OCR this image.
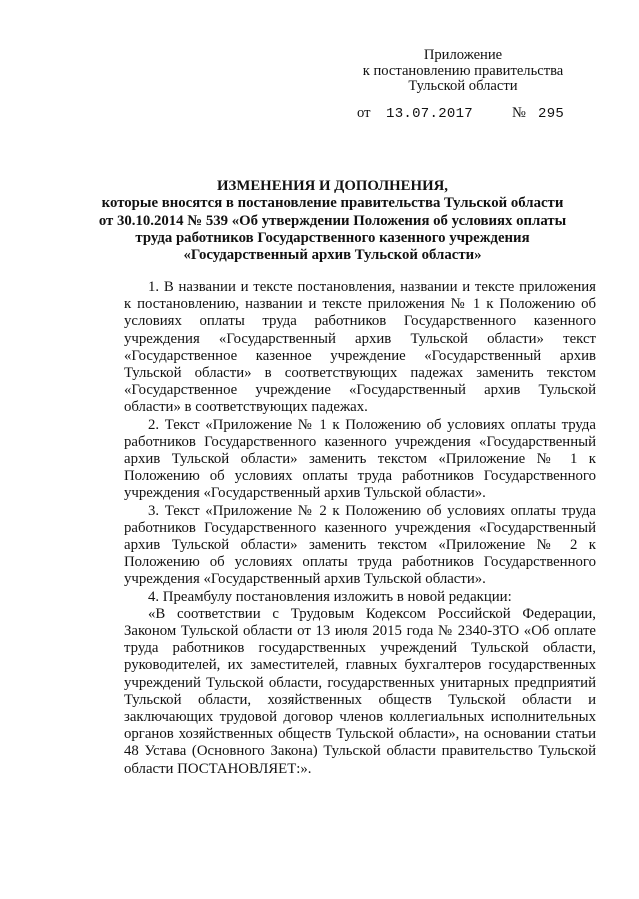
Приложение
к постановлению правительства
Тульской области
от 13.07.2017	№ 295
ИЗМЕНЕНИЯ И ДОПОЛНЕНИЯ,
которые вносятся в постановление правительства Тульской области
от 30.10.2014 № 539 «Об утверждении Положения об условиях оплаты
труда работников Государственного казенного учреждения
«Государственный архив Тульской области»

1. В названии и тексте постановления, названии и тексте приложения к постановлению, названии и тексте приложения № 1 к Положению об условиях оплаты труда работников Государственного казенного учреждения «Государственный архив Тульской области» текст «Государственное казенное учреждение «Государственный архив Тульской области» в соответствующих падежах заменить текстом «Государственное учреждение «Государственный архив Тульской области» в соответствующих падежах.

2. Текст «Приложение № 1 к Положению об условиях оплаты труда работников Государственного казенного учреждения «Государственный архив Тульской области» заменить текстом «Приложение № 1 к Положению об условиях оплаты труда работников Государственного учреждения «Государственный архив Тульской области».

3. Текст «Приложение № 2 к Положению об условиях оплаты труда работников Государственного казенного учреждения «Государственный архив Тульской области» заменить текстом «Приложение № 2 к Положению об условиях оплаты труда работников Государственного учреждения «Государственный архив Тульской области».

4. Преамбулу постановления изложить в новой редакции:

«В соответствии с Трудовым Кодексом Российской Федерации, Законом Тульской области от 13 июля 2015 года № 2340-ЗТО «Об оплате труда работников государственных учреждений Тульской области, руководителей, их заместителей, главных бухгалтеров государственных учреждений Тульской области, государственных унитарных предприятий Тульской области, хозяйственных обществ Тульской области и заключающих трудовой договор членов коллегиальных исполнительных органов хозяйственных обществ Тульской области», на основании статьи 48 Устава (Основного Закона) Тульской области правительство Тульской области ПОСТАНОВЛЯЕТ:».
